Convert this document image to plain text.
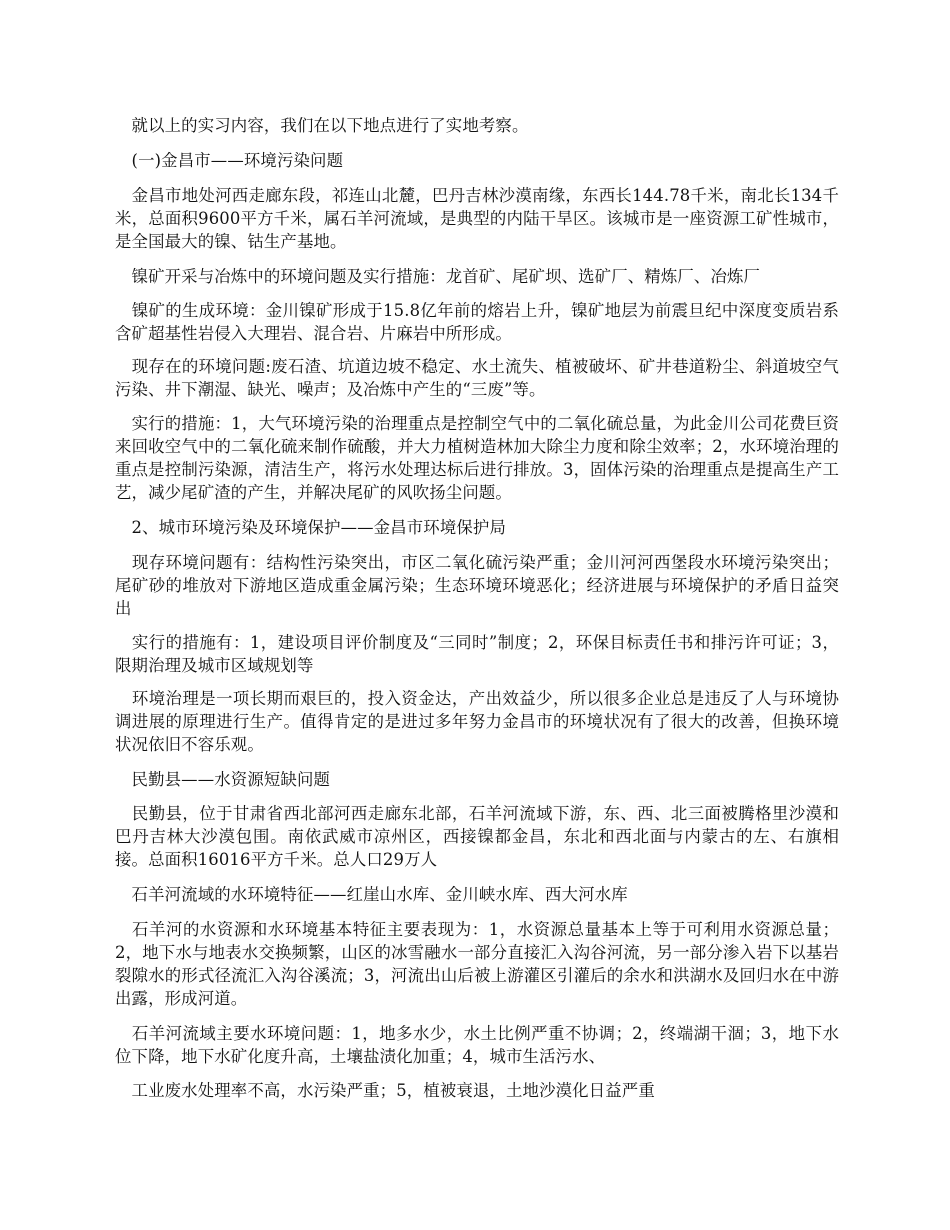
　就以上的实习内容，我们在以下地点进行了实地考察。

　(一)金昌市——环境污染问题

　金昌市地处河西走廊东段，祁连山北麓，巴丹吉林沙漠南缘，东西长144.78千米，南北长134千米，总面积9600平方千米，属石羊河流域，是典型的内陆干旱区。该城市是一座资源工矿性城市，是全国最大的镍、钴生产基地。

　镍矿开采与冶炼中的环境问题及实行措施：龙首矿、尾矿坝、选矿厂、精炼厂、冶炼厂

　镍矿的生成环境：金川镍矿形成于15.8亿年前的熔岩上升，镍矿地层为前震旦纪中深度变质岩系含矿超基性岩侵入大理岩、混合岩、片麻岩中所形成。

　现存在的环境问题:废石渣、坑道边坡不稳定、水土流失、植被破坏、矿井巷道粉尘、斜道坡空气污染、井下潮湿、缺光、噪声；及冶炼中产生的“三废”等。

　实行的措施：1，大气环境污染的治理重点是控制空气中的二氧化硫总量，为此金川公司花费巨资来回收空气中的二氧化硫来制作硫酸，并大力植树造林加大除尘力度和除尘效率；2，水环境治理的重点是控制污染源，清洁生产，将污水处理达标后进行排放。3，固体污染的治理重点是提高生产工艺，减少尾矿渣的产生，并解决尾矿的风吹扬尘问题。

　2、城市环境污染及环境保护——金昌市环境保护局

　现存环境问题有：结构性污染突出，市区二氧化硫污染严重；金川河河西堡段水环境污染突出；尾矿砂的堆放对下游地区造成重金属污染；生态环境环境恶化；经济进展与环境保护的矛盾日益突出

　实行的措施有：1，建设项目评价制度及“三同时”制度；2，环保目标责任书和排污许可证；3，限期治理及城市区域规划等

　环境治理是一项长期而艰巨的，投入资金达，产出效益少，所以很多企业总是违反了人与环境协调进展的原理进行生产。值得肯定的是进过多年努力金昌市的环境状况有了很大的改善，但换环境状况依旧不容乐观。

　民勤县——水资源短缺问题

　民勤县，位于甘肃省西北部河西走廊东北部，石羊河流域下游，东、西、北三面被腾格里沙漠和巴丹吉林大沙漠包围。南依武威市凉州区，西接镍都金昌，东北和西北面与内蒙古的左、右旗相接。总面积16016平方千米。总人口29万人

　石羊河流域的水环境特征——红崖山水库、金川峡水库、西大河水库

　石羊河的水资源和水环境基本特征主要表现为：1，水资源总量基本上等于可利用水资源总量；2，地下水与地表水交换频繁，山区的冰雪融水一部分直接汇入沟谷河流，另一部分渗入岩下以基岩裂隙水的形式径流汇入沟谷溪流；3，河流出山后被上游灌区引灌后的余水和洪湖水及回归水在中游出露，形成河道。

　石羊河流域主要水环境问题：1，地多水少，水土比例严重不协调；2，终端湖干涸；3，地下水位下降，地下水矿化度升高，土壤盐渍化加重；4，城市生活污水、

　工业废水处理率不高，水污染严重；5，植被衰退，土地沙漠化日益严重
